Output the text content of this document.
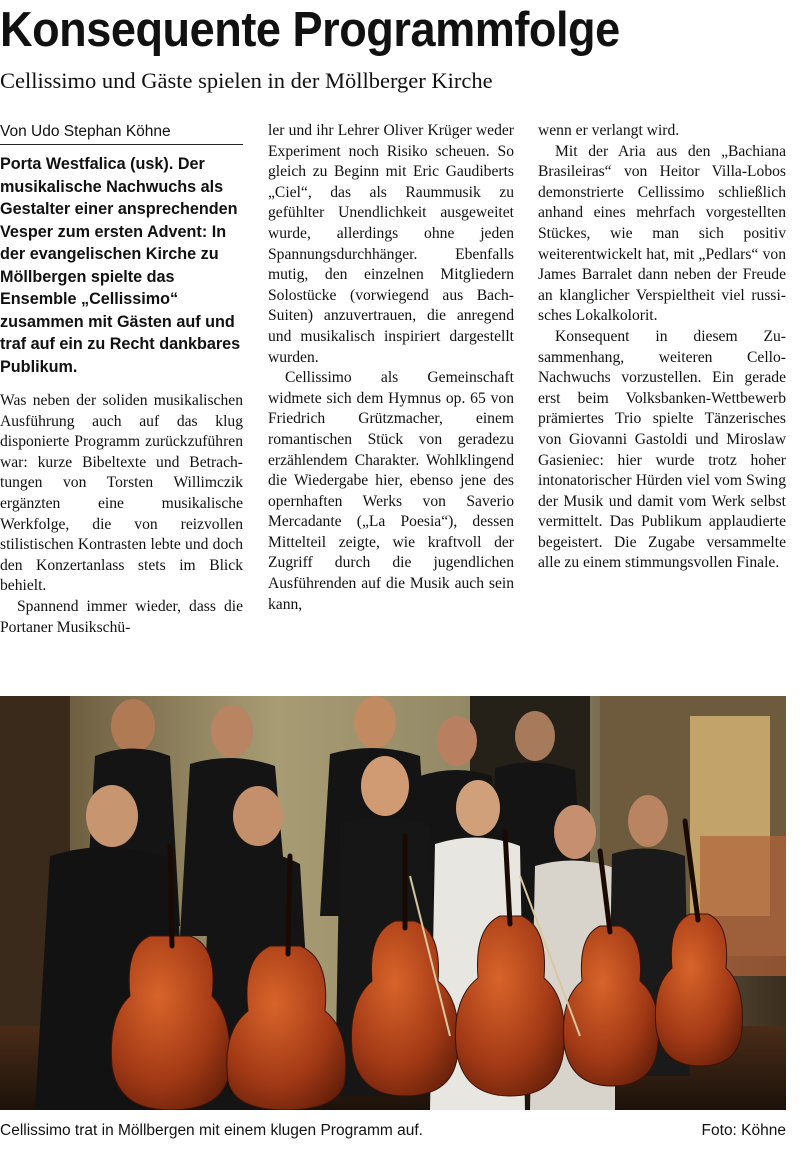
Konsequente Programmfolge
Cellissimo und Gäste spielen in der Möllberger Kirche
Von Udo Stephan Köhne

Porta Westfalica (usk). Der musikalische Nachwuchs als Gestalter einer ansprechenden Vesper zum ersten Advent: In der evangelischen Kirche zu Möllbergen spielte das Ensemble „Cellissimo“ zusammen mit Gästen auf und traf auf ein zu Recht dankbares Publikum.

Was neben der soliden musikalischen Ausführung auch auf das klug disponierte Programm zurückzuführen war: kurze Bibeltexte und Betrachtungen von Torsten Willimczik ergänzten eine musikalische Werkfolge, die von reizvollen stilistischen Kontrasten lebte und doch den Konzertanlass stets im Blick behielt.

Spannend immer wieder, dass die Portaner Musikschü-

ler und ihr Lehrer Oliver Krüger weder Experiment noch Risiko scheuen. So gleich zu Beginn mit Eric Gaudiberts „Ciel“, das als Raummusik zu gefühlter Unendlichkeit ausgeweitet wurde, allerdings ohne jeden Spannungsdurchhänger. Ebenfalls mutig, den einzelnen Mitgliedern Solostücke (vorwiegend aus Bach-Suiten) anzuvertrauen, die anregend und musikalisch inspiriert dargestellt wurden.

Cellissimo als Gemeinschaft widmete sich dem Hymnus op. 65 von Friedrich Grützmacher, einem romantischen Stück von geradezu erzählendem Charakter. Wohlklingend die Wiedergabe hier, ebenso jene des opernhaften Werks von Saverio Mercadante („La Poesia“), dessen Mittelteil zeigte, wie kraftvoll der Zugriff durch die jugendlichen Ausführenden auf die Musik auch sein kann,

wenn er verlangt wird.

Mit der Aria aus den „Bachiana Brasileiras“ von Heitor Villa-Lobos demonstrierte Cellissimo schließlich anhand eines mehrfach vorgestellten Stückes, wie man sich positiv weiterentwickelt hat, mit „Pedlars“ von James Barralet dann neben der Freude an klanglicher Verspieltheit viel russisches Lokalkolorit.

Konsequent in diesem Zusammenhang, weiteren Cello-Nachwuchs vorzustellen. Ein gerade erst beim Volksbanken-Wettbewerb prämiertes Trio spielte Tänzerisches von Giovanni Gastoldi und Miroslaw Gasieniec: hier wurde trotz hoher intonatorischer Hürden viel vom Swing der Musik und damit vom Werk selbst vermittelt. Das Publikum applaudierte begeistert. Die Zugabe versammelte alle zu einem stimmungsvollen Finale.

Cellissimo trat in Möllbergen mit einem klugen Programm auf.	Foto: Köhne
